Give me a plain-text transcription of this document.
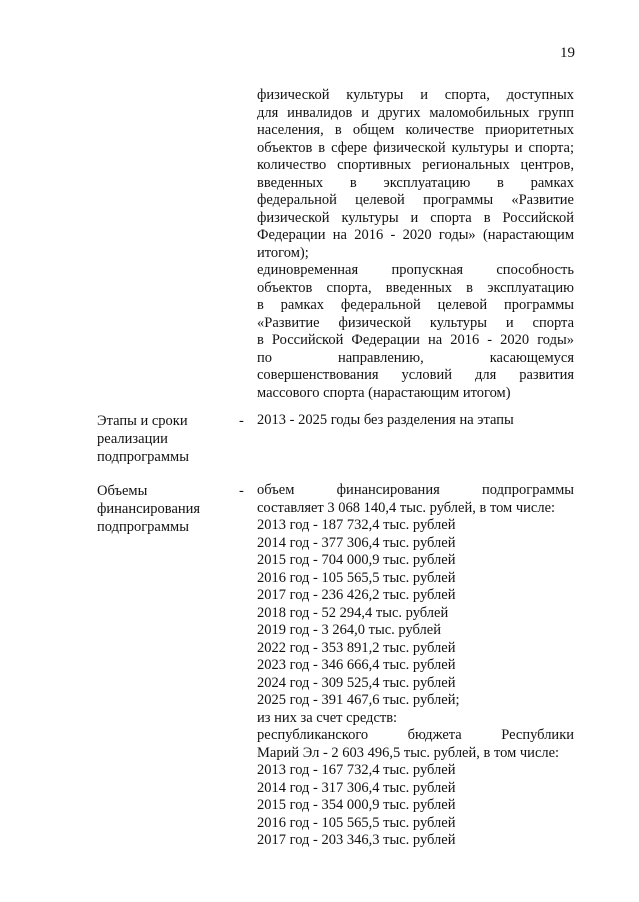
19
физической культуры и спорта, доступных
для инвалидов и других маломобильных групп
населения, в общем количестве приоритетных
объектов в сфере физической культуры и спорта;
количество спортивных региональных центров,
введенных в эксплуатацию в рамках
федеральной целевой программы «Развитие
физической культуры и спорта в Российской
Федерации на 2016 - 2020 годы» (нарастающим
итогом);
единовременная пропускная способность
объектов спорта, введенных в эксплуатацию
в рамках федеральной целевой программы
«Развитие физической культуры и спорта
в Российской Федерации на 2016 - 2020 годы»
по направлению, касающемуся
совершенствования условий для развития
массового спорта (нарастающим итогом)
Этапы и сроки
реализации
подпрограммы
- 2013 - 2025 годы без разделения на этапы
Объемы
финансирования
подпрограммы
- объем финансирования подпрограммы
составляет 3 068 140,4 тыс. рублей, в том числе:
2013 год - 187 732,4 тыс. рублей
2014 год - 377 306,4 тыс. рублей
2015 год - 704 000,9 тыс. рублей
2016 год - 105 565,5 тыс. рублей
2017 год - 236 426,2 тыс. рублей
2018 год - 52 294,4 тыс. рублей
2019 год - 3 264,0 тыс. рублей
2022 год - 353 891,2 тыс. рублей
2023 год - 346 666,4 тыс. рублей
2024 год - 309 525,4 тыс. рублей
2025 год - 391 467,6 тыс. рублей;
из них за счет средств:
республиканского бюджета Республики
Марий Эл - 2 603 496,5 тыс. рублей, в том числе:
2013 год - 167 732,4 тыс. рублей
2014 год - 317 306,4 тыс. рублей
2015 год - 354 000,9 тыс. рублей
2016 год - 105 565,5 тыс. рублей
2017 год - 203 346,3 тыс. рублей
